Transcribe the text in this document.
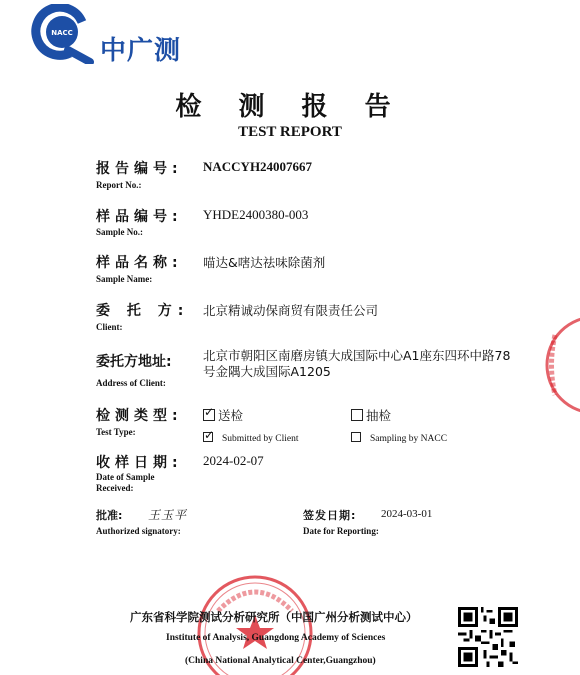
NACC
中广测
检 测 报 告
TEST REPORT
报告编号:
Report No.:
NACCYH24007667
样品编号:
Sample No.:
YHDE2400380-003
样品名称:
Sample Name:
喵达&嗐达祛味除菌剂
委 托 方:
Client:
北京精诚动保商贸有限责任公司
委托方地址:
Address of Client:
北京市朝阳区南磨房镇大成国际中心A1座东四环中路78
号金隅大成国际A1205
检测类型:
Test Type:
✓送检
✓Submitted by Client
抽检
Sampling by NACC
收样日期:
Date of Sample
Received:
2024-02-07
批准:
Authorized signatory:
王玉平	签发日期:
Date for Reporting:
2024-03-01
广东省科学院测试分析研究所（中国广州分析测试中心）
Institute of Analysis, Guangdong Academy of Sciences
(China National Analytical Center,Guangzhou)
